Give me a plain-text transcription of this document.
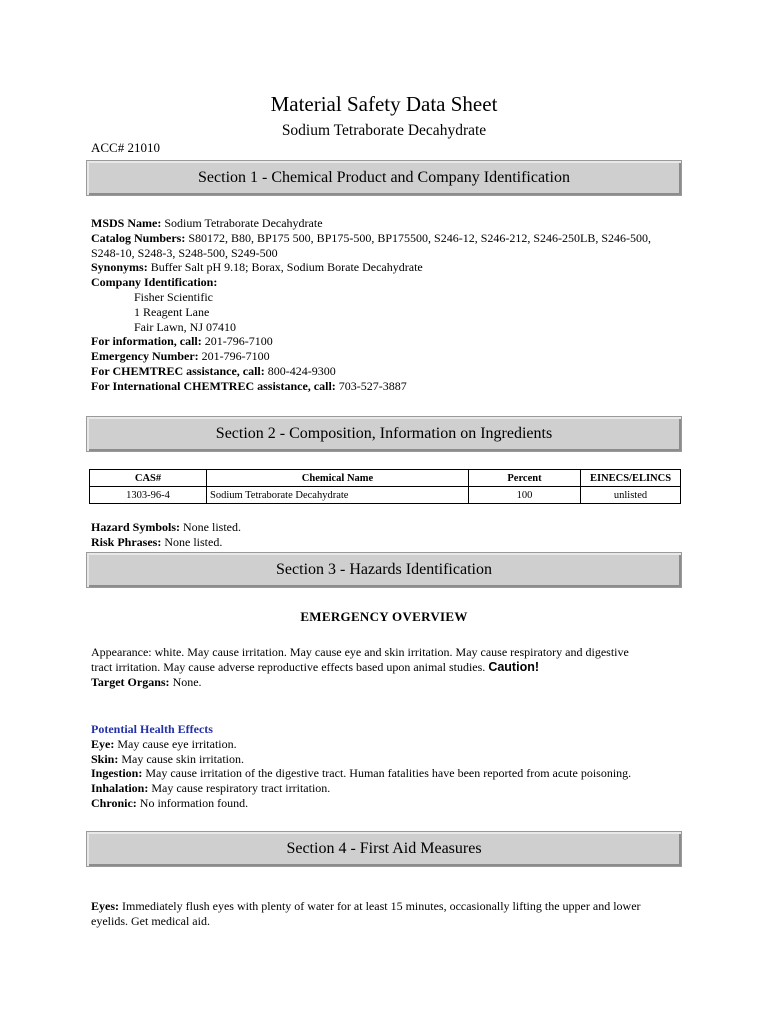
Material Safety Data Sheet
Sodium Tetraborate Decahydrate
ACC# 21010
Section 1 - Chemical Product and Company Identification
MSDS Name: Sodium Tetraborate Decahydrate
Catalog Numbers: S80172, B80, BP175 500, BP175-500, BP175500, S246-12, S246-212, S246-250LB, S246-500,
S248-10, S248-3, S248-500, S249-500
Synonyms: Buffer Salt pH 9.18; Borax, Sodium Borate Decahydrate
Company Identification:
Fisher Scientific
1 Reagent Lane
Fair Lawn, NJ 07410
For information, call: 201-796-7100
Emergency Number: 201-796-7100
For CHEMTREC assistance, call: 800-424-9300
For International CHEMTREC assistance, call: 703-527-3887
Section 2 - Composition, Information on Ingredients
CAS#	Chemical Name	Percent	EINECS/ELINCS
1303-96-4	Sodium Tetraborate Decahydrate	100	unlisted
Hazard Symbols: None listed.
Risk Phrases: None listed.
Section 3 - Hazards Identification
EMERGENCY OVERVIEW
Appearance: white. May cause irritation. May cause eye and skin irritation. May cause respiratory and digestive
tract irritation. May cause adverse reproductive effects based upon animal studies. Caution!
Target Organs: None.
Potential Health Effects
Eye: May cause eye irritation.
Skin: May cause skin irritation.
Ingestion: May cause irritation of the digestive tract. Human fatalities have been reported from acute poisoning.
Inhalation: May cause respiratory tract irritation.
Chronic: No information found.
Section 4 - First Aid Measures
Eyes: Immediately flush eyes with plenty of water for at least 15 minutes, occasionally lifting the upper and lower
eyelids. Get medical aid.
